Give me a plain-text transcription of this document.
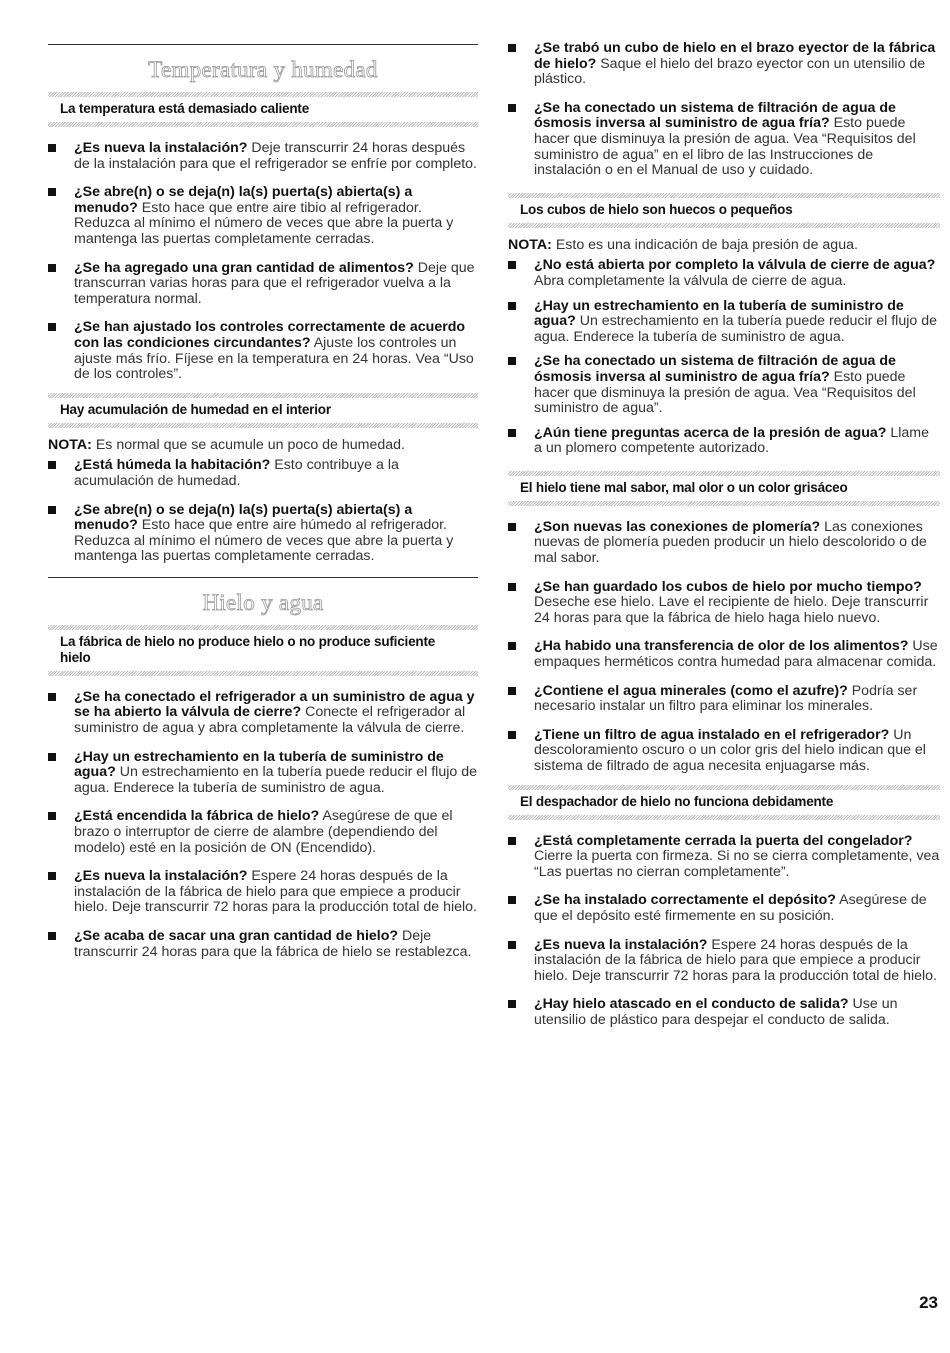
Temperatura y humedad
La temperatura está demasiado caliente
¿Es nueva la instalación? Deje transcurrir 24 horas después de la instalación para que el refrigerador se enfríe por completo.
¿Se abre(n) o se deja(n) la(s) puerta(s) abierta(s) a menudo? Esto hace que entre aire tibio al refrigerador. Reduzca al mínimo el número de veces que abre la puerta y mantenga las puertas completamente cerradas.
¿Se ha agregado una gran cantidad de alimentos? Deje que transcurran varias horas para que el refrigerador vuelva a la temperatura normal.
¿Se han ajustado los controles correctamente de acuerdo con las condiciones circundantes? Ajuste los controles un ajuste más frío. Fíjese en la temperatura en 24 horas. Vea “Uso de los controles”.
Hay acumulación de humedad en el interior
NOTA: Es normal que se acumule un poco de humedad.
¿Está húmeda la habitación? Esto contribuye a la acumulación de humedad.
¿Se abre(n) o se deja(n) la(s) puerta(s) abierta(s) a menudo? Esto hace que entre aire húmedo al refrigerador. Reduzca al mínimo el número de veces que abre la puerta y mantenga las puertas completamente cerradas.
Hielo y agua
La fábrica de hielo no produce hielo o no produce suficiente hielo
¿Se ha conectado el refrigerador a un suministro de agua y se ha abierto la válvula de cierre? Conecte el refrigerador al suministro de agua y abra completamente la válvula de cierre.
¿Hay un estrechamiento en la tubería de suministro de agua? Un estrechamiento en la tubería puede reducir el flujo de agua. Enderece la tubería de suministro de agua.
¿Está encendida la fábrica de hielo? Asegúrese de que el brazo o interruptor de cierre de alambre (dependiendo del modelo) esté en la posición de ON (Encendido).
¿Es nueva la instalación? Espere 24 horas después de la instalación de la fábrica de hielo para que empiece a producir hielo. Deje transcurrir 72 horas para la producción total de hielo.
¿Se acaba de sacar una gran cantidad de hielo? Deje transcurrir 24 horas para que la fábrica de hielo se restablezca.
¿Se trabó un cubo de hielo en el brazo eyector de la fábrica de hielo? Saque el hielo del brazo eyector con un utensilio de plástico.
¿Se ha conectado un sistema de filtración de agua de ósmosis inversa al suministro de agua fría? Esto puede hacer que disminuya la presión de agua. Vea “Requisitos del suministro de agua” en el libro de las Instrucciones de instalación o en el Manual de uso y cuidado.
Los cubos de hielo son huecos o pequeños
NOTA: Esto es una indicación de baja presión de agua.
¿No está abierta por completo la válvula de cierre de agua? Abra completamente la válvula de cierre de agua.
¿Hay un estrechamiento en la tubería de suministro de agua? Un estrechamiento en la tubería puede reducir el flujo de agua. Enderece la tubería de suministro de agua.
¿Se ha conectado un sistema de filtración de agua de ósmosis inversa al suministro de agua fría? Esto puede hacer que disminuya la presión de agua. Vea “Requisitos del suministro de agua”.
¿Aún tiene preguntas acerca de la presión de agua? Llame a un plomero competente autorizado.
El hielo tiene mal sabor, mal olor o un color grisáceo
¿Son nuevas las conexiones de plomería? Las conexiones nuevas de plomería pueden producir un hielo descolorido o de mal sabor.
¿Se han guardado los cubos de hielo por mucho tiempo? Deseche ese hielo. Lave el recipiente de hielo. Deje transcurrir 24 horas para que la fábrica de hielo haga hielo nuevo.
¿Ha habido una transferencia de olor de los alimentos? Use empaques herméticos contra humedad para almacenar comida.
¿Contiene el agua minerales (como el azufre)? Podría ser necesario instalar un filtro para eliminar los minerales.
¿Tiene un filtro de agua instalado en el refrigerador? Un descoloramiento oscuro o un color gris del hielo indican que el sistema de filtrado de agua necesita enjuagarse más.
El despachador de hielo no funciona debidamente
¿Está completamente cerrada la puerta del congelador? Cierre la puerta con firmeza. Si no se cierra completamente, vea “Las puertas no cierran completamente”.
¿Se ha instalado correctamente el depósito? Asegúrese de que el depósito esté firmemente en su posición.
¿Es nueva la instalación? Espere 24 horas después de la instalación de la fábrica de hielo para que empiece a producir hielo. Deje transcurrir 72 horas para la producción total de hielo.
¿Hay hielo atascado en el conducto de salida? Use un utensilio de plástico para despejar el conducto de salida.
23
